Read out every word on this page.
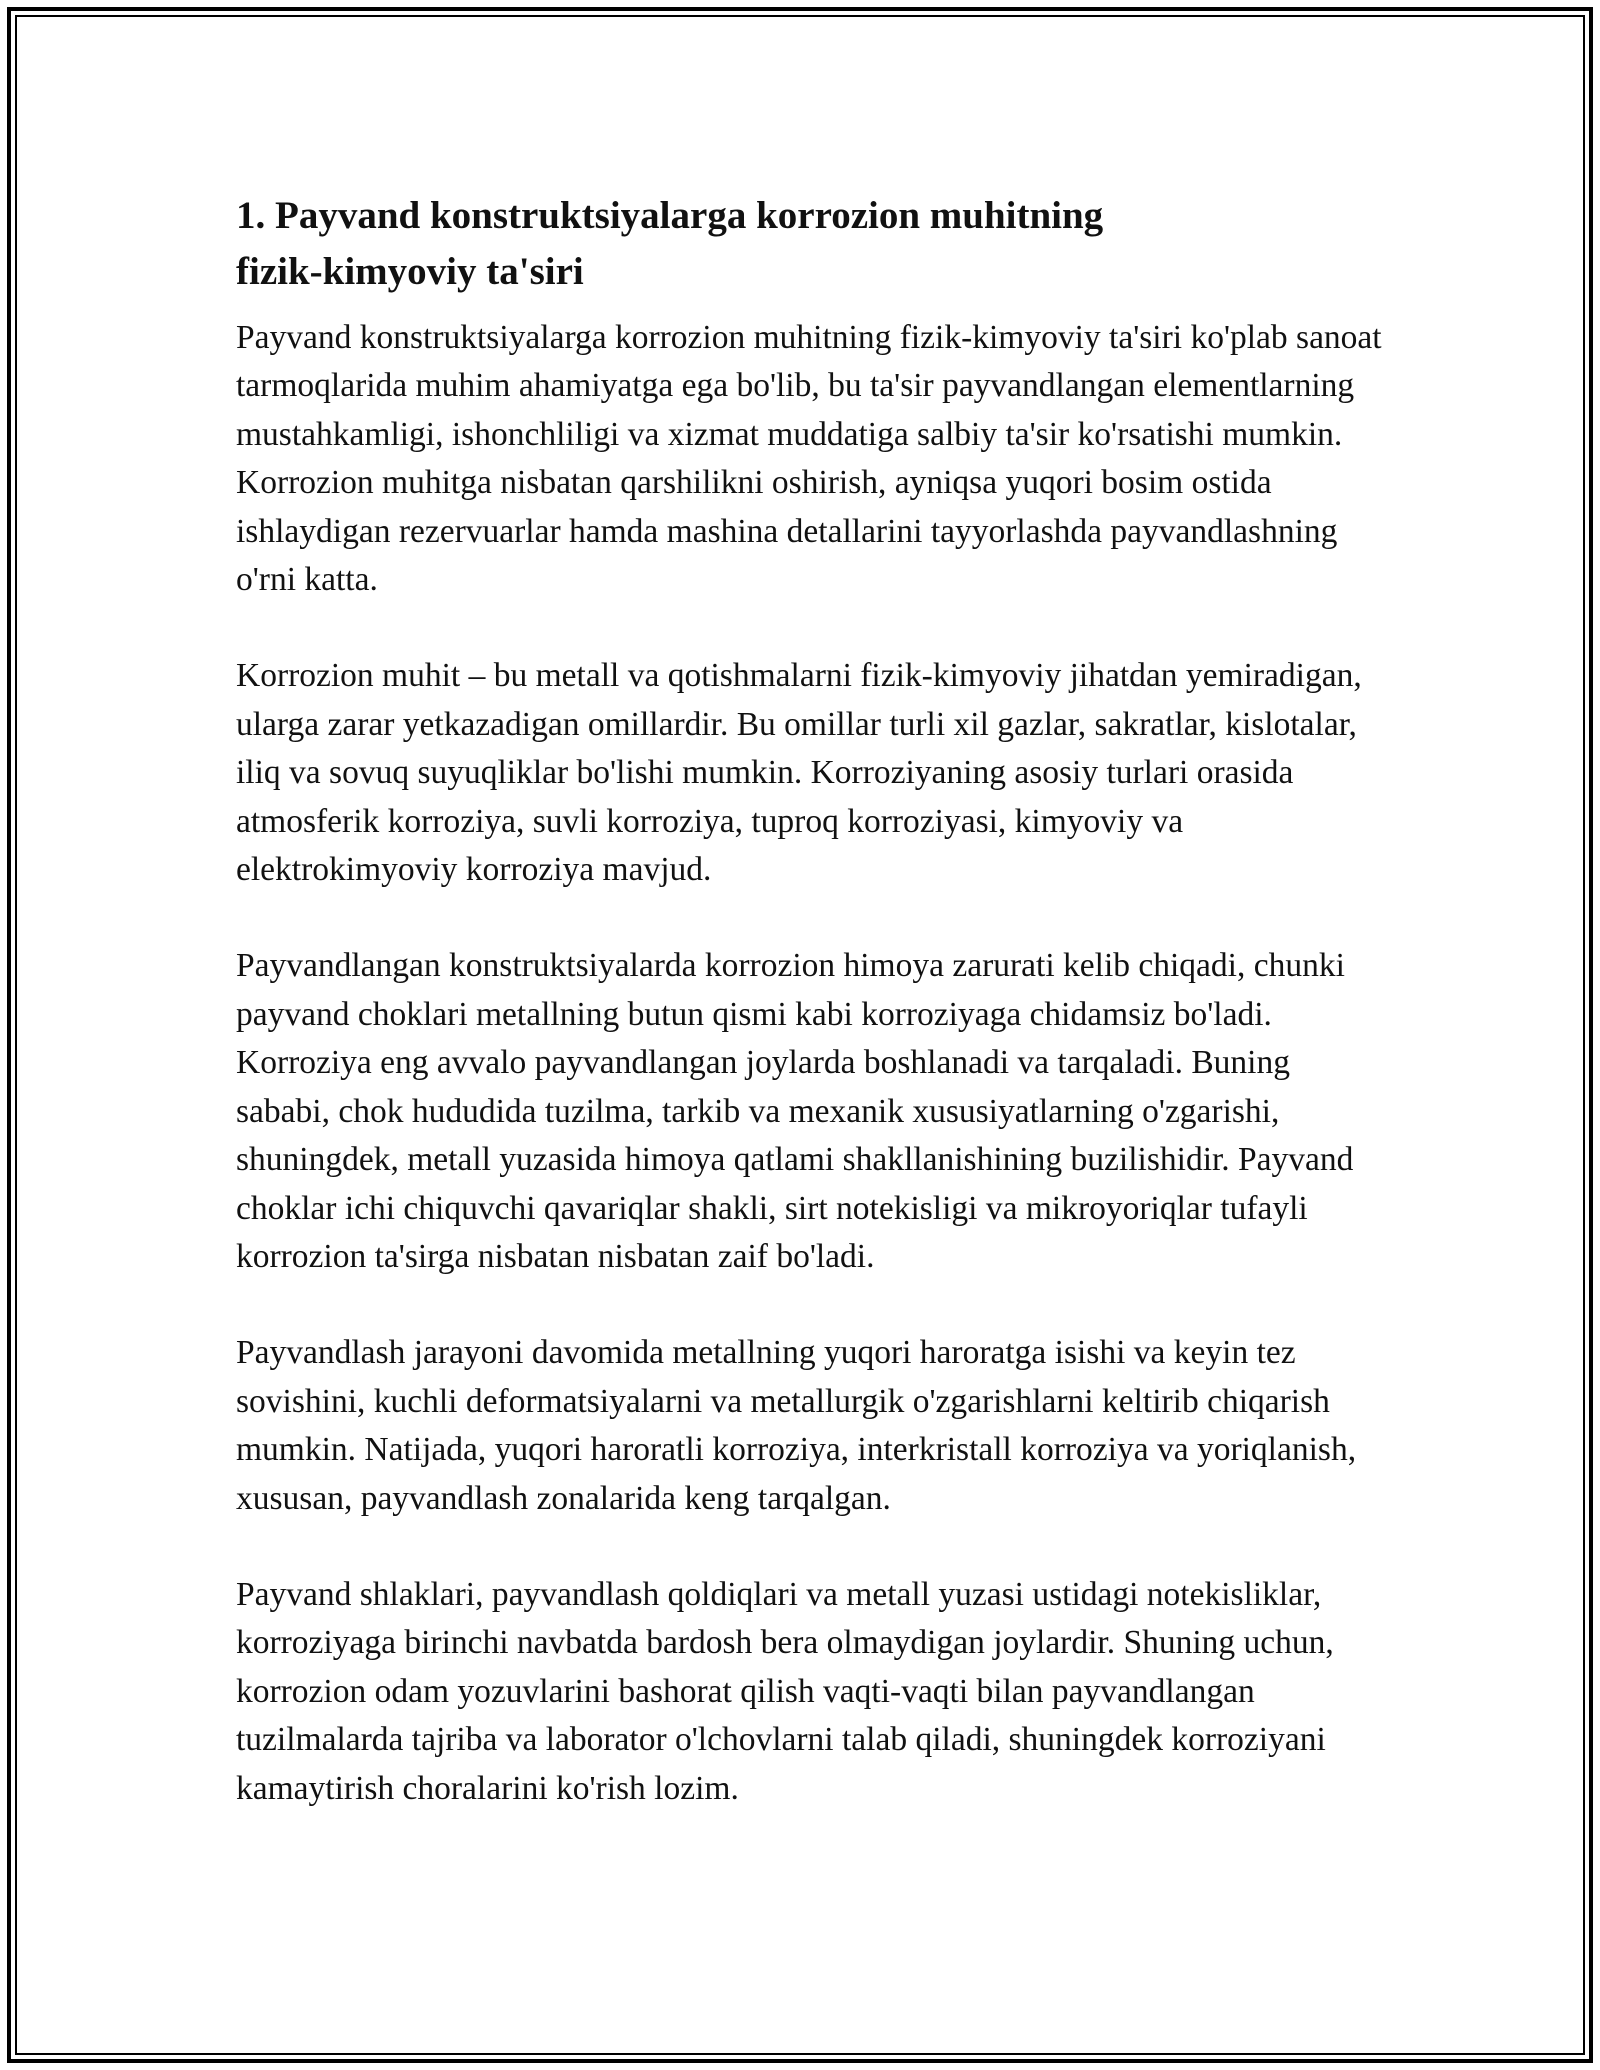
1. Payvand konstruktsiyalarga korrozion muhitning fizik-kimyoviy ta'siri

Payvand konstruktsiyalarga korrozion muhitning fizik-kimyoviy ta'siri ko'plab sanoat tarmoqlarida muhim ahamiyatga ega bo'lib, bu ta'sir payvandlangan elementlarning mustahkamligi, ishonchliligi va xizmat muddatiga salbiy ta'sir ko'rsatishi mumkin. Korrozion muhitga nisbatan qarshilikni oshirish, ayniqsa yuqori bosim ostida ishlaydigan rezervuarlar hamda mashina detallarini tayyorlashda payvandlashning o'rni katta.

Korrozion muhit – bu metall va qotishmalarni fizik-kimyoviy jihatdan yemiradigan, ularga zarar yetkazadigan omillardir. Bu omillar turli xil gazlar, sakratlar, kislotalar, iliq va sovuq suyuqliklar bo'lishi mumkin. Korroziyaning asosiy turlari orasida atmosferik korroziya, suvli korroziya, tuproq korroziyasi, kimyoviy va elektrokimyoviy korroziya mavjud.

Payvandlangan konstruktsiyalarda korrozion himoya zarurati kelib chiqadi, chunki payvand choklari metallning butun qismi kabi korroziyaga chidamsiz bo'ladi. Korroziya eng avvalo payvandlangan joylarda boshlanadi va tarqaladi. Buning sababi, chok hududida tuzilma, tarkib va mexanik xususiyatlarning o'zgarishi, shuningdek, metall yuzasida himoya qatlami shakllanishining buzilishidir. Payvand choklar ichi chiquvchi qavariqlar shakli, sirt notekisligi va mikroyoriqlar tufayli korrozion ta'sirga nisbatan nisbatan zaif bo'ladi.

Payvandlash jarayoni davomida metallning yuqori haroratga isishi va keyin tez sovishini, kuchli deformatsiyalarni va metallurgik o'zgarishlarni keltirib chiqarish mumkin. Natijada, yuqori haroratli korroziya, interkristall korroziya va yoriqlanish, xususan, payvandlash zonalarida keng tarqalgan.

Payvand shlaklari, payvandlash qoldiqlari va metall yuzasi ustidagi notekisliklar, korroziyaga birinchi navbatda bardosh bera olmaydigan joylardir. Shuning uchun, korrozion odam yozuvlarini bashorat qilish vaqti-vaqti bilan payvandlangan tuzilmalarda tajriba va laborator o'lchovlarni talab qiladi, shuningdek korroziyani kamaytirish choralarini ko'rish lozim.
